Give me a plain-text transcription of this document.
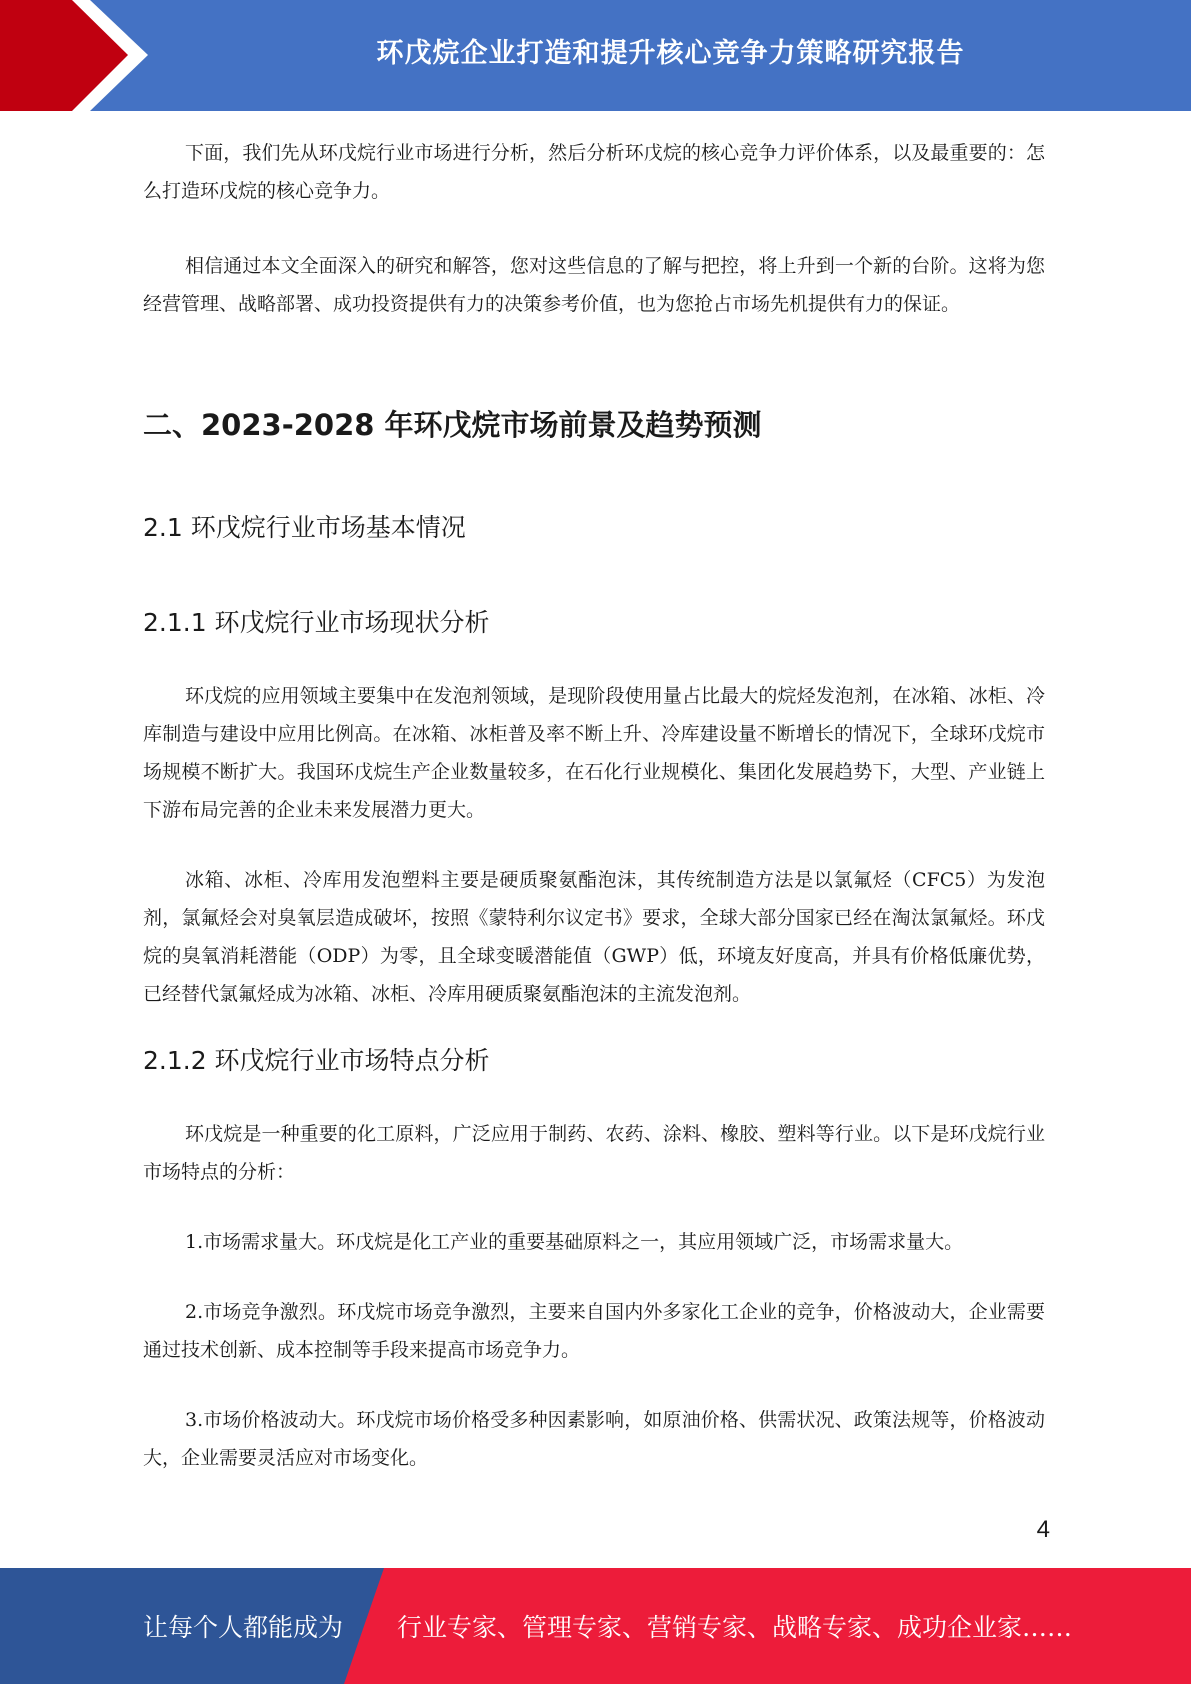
环戊烷企业打造和提升核心竞争力策略研究报告

下面，我们先从环戊烷行业市场进行分析，然后分析环戊烷的核心竞争力评价体系，以及最重要的：怎么打造环戊烷的核心竞争力。

相信通过本文全面深入的研究和解答，您对这些信息的了解与把控，将上升到一个新的台阶。这将为您经营管理、战略部署、成功投资提供有力的决策参考价值，也为您抢占市场先机提供有力的保证。

二、2023-2028 年环戊烷市场前景及趋势预测
2.1 环戊烷行业市场基本情况
2.1.1 环戊烷行业市场现状分析

环戊烷的应用领域主要集中在发泡剂领域，是现阶段使用量占比最大的烷烃发泡剂，在冰箱、冰柜、冷库制造与建设中应用比例高。在冰箱、冰柜普及率不断上升、冷库建设量不断增长的情况下，全球环戊烷市场规模不断扩大。我国环戊烷生产企业数量较多，在石化行业规模化、集团化发展趋势下，大型、产业链上下游布局完善的企业未来发展潜力更大。

冰箱、冰柜、冷库用发泡塑料主要是硬质聚氨酯泡沫，其传统制造方法是以氯氟烃（CFC5）为发泡剂，氯氟烃会对臭氧层造成破坏，按照《蒙特利尔议定书》要求，全球大部分国家已经在淘汰氯氟烃。环戊烷的臭氧消耗潜能（ODP）为零，且全球变暖潜能值（GWP）低，环境友好度高，并具有价格低廉优势，已经替代氯氟烃成为冰箱、冰柜、冷库用硬质聚氨酯泡沫的主流发泡剂。

2.1.2 环戊烷行业市场特点分析

环戊烷是一种重要的化工原料，广泛应用于制药、农药、涂料、橡胶、塑料等行业。以下是环戊烷行业市场特点的分析：

1.市场需求量大。环戊烷是化工产业的重要基础原料之一，其应用领域广泛，市场需求量大。

2.市场竞争激烈。环戊烷市场竞争激烈，主要来自国内外多家化工企业的竞争，价格波动大，企业需要通过技术创新、成本控制等手段来提高市场竞争力。

3.市场价格波动大。环戊烷市场价格受多种因素影响，如原油价格、供需状况、政策法规等，价格波动大，企业需要灵活应对市场变化。

4
让每个人都能成为 行业专家、管理专家、营销专家、战略专家、成功企业家……
